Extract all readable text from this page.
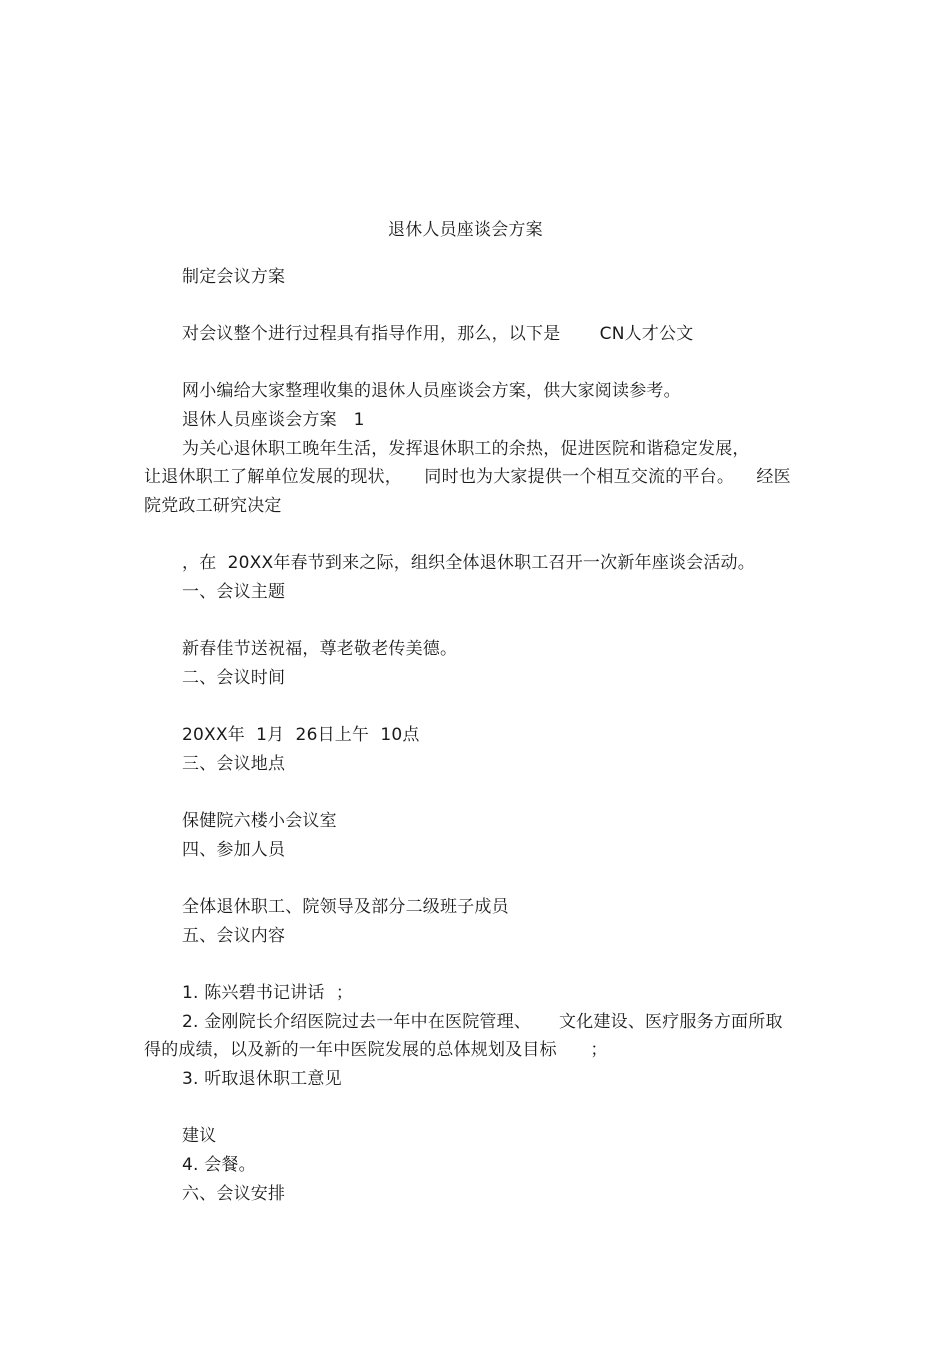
退休人员座谈会方案
制定会议方案
对会议整个进行过程具有指导作用，那么，以下是       CN人才公文
网小编给大家整理收集的退休人员座谈会方案，供大家阅读参考。
退休人员座谈会方案   1
为关心退休职工晚年生活，发挥退休职工的余热，促进医院和谐稳定发展，
让退休职工了解单位发展的现状，    同时也为大家提供一个相互交流的平台。    经医
院党政工研究决定
，在  20XX年春节到来之际，组织全体退休职工召开一次新年座谈会活动。
一、会议主题
新春佳节送祝福，尊老敬老传美德。
二、会议时间
20XX年  1月  26日上午  10点
三、会议地点
保健院六楼小会议室
四、参加人员
全体退休职工、院领导及部分二级班子成员
五、会议内容
1. 陈兴碧书记讲话  ；
2. 金刚院长介绍医院过去一年中在医院管理、     文化建设、医疗服务方面所取
得的成绩，以及新的一年中医院发展的总体规划及目标      ；
3. 听取退休职工意见
建议
4. 会餐。
六、会议安排
